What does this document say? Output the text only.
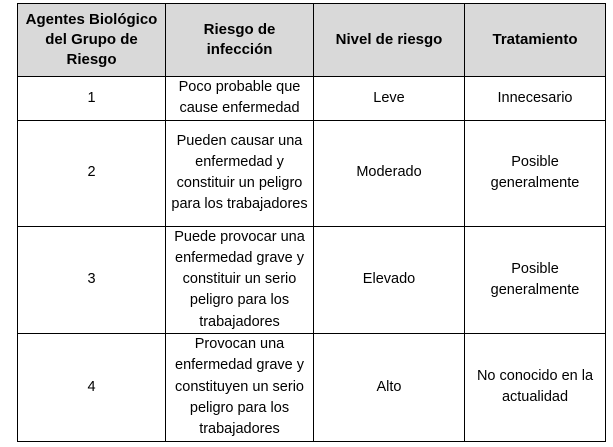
Agentes Biológico del Grupo de Riesgo	Riesgo de infección	Nivel de riesgo	Tratamiento
1	Poco probable que cause enfermedad	Leve	Innecesario
2	Pueden causar una enfermedad y constituir un peligro para los trabajadores	Moderado	Posible generalmente
3	Puede provocar una enfermedad grave y constituir un serio peligro para los trabajadores	Elevado	Posible generalmente
4	Provocan una enfermedad grave y constituyen un serio peligro para los trabajadores	Alto	No conocido en la actualidad
